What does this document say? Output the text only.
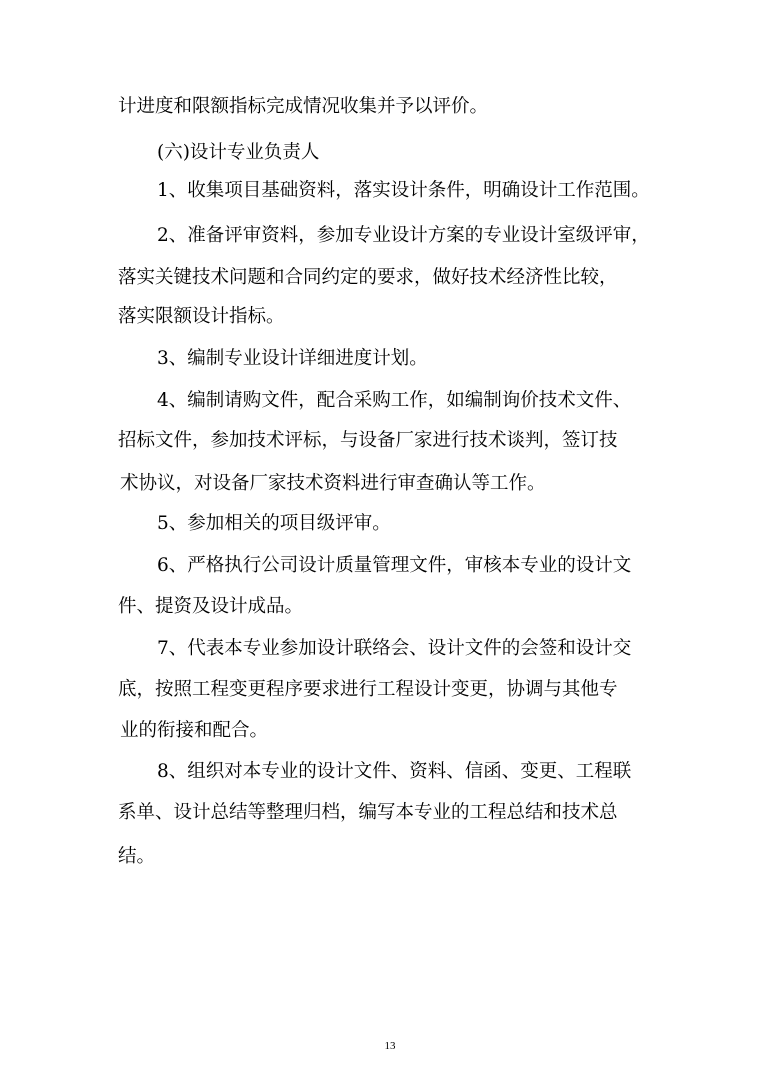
计进度和限额指标完成情况收集并予以评价。
(六)设计专业负责人
1、收集项目基础资料，落实设计条件，明确设计工作范围。
2、准备评审资料，参加专业设计方案的专业设计室级评审，
落实关键技术问题和合同约定的要求，做好技术经济性比较，
落实限额设计指标。
3、编制专业设计详细进度计划。
4、编制请购文件，配合采购工作，如编制询价技术文件、
招标文件，参加技术评标，与设备厂家进行技术谈判，签订技
术协议，对设备厂家技术资料进行审查确认等工作。
5、参加相关的项目级评审。
6、严格执行公司设计质量管理文件，审核本专业的设计文
件、提资及设计成品。
7、代表本专业参加设计联络会、设计文件的会签和设计交
底，按照工程变更程序要求进行工程设计变更，协调与其他专
业的衔接和配合。
8、组织对本专业的设计文件、资料、信函、变更、工程联
系单、设计总结等整理归档，编写本专业的工程总结和技术总
结。
13
